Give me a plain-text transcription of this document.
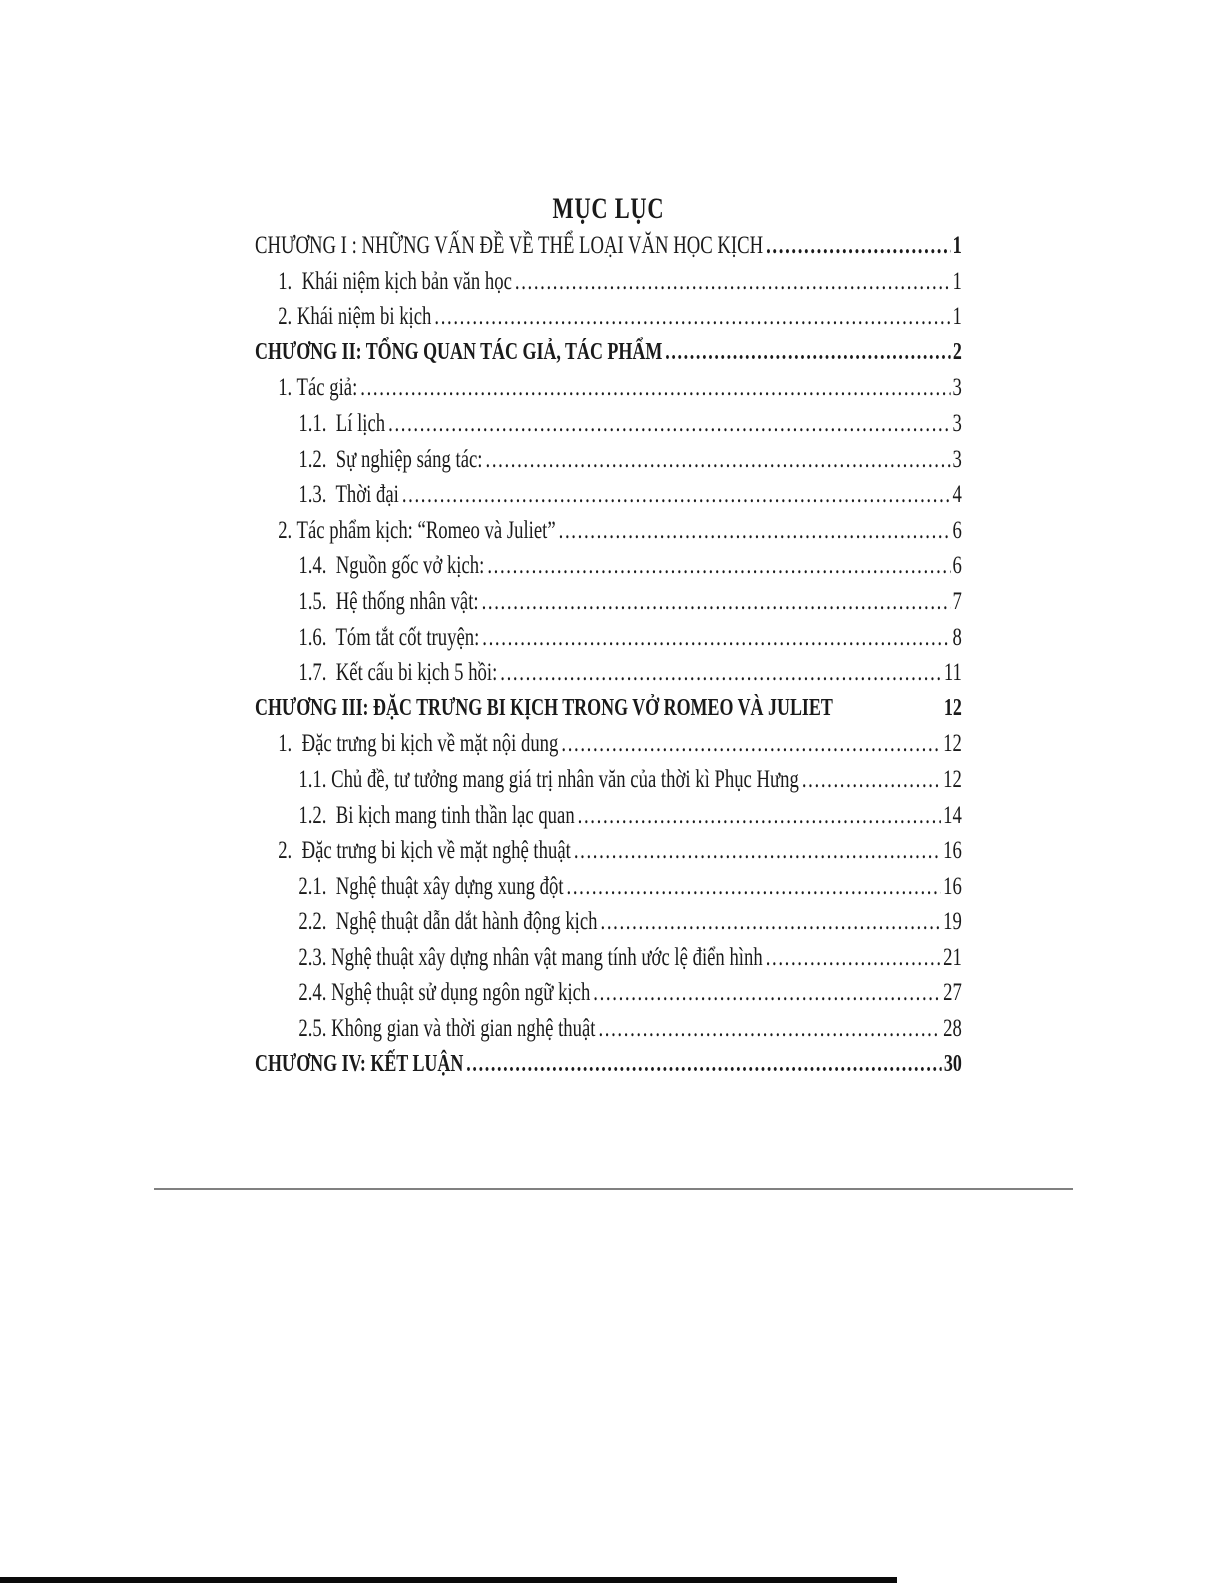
MỤC LỤC
CHƯƠNG I : NHỮNG VẤN ĐỀ VỀ THỂ LOẠI VĂN HỌC KỊCH .....	1
1.  Khái niệm kịch bản văn học .....	1
2. Khái niệm bi kịch .....	1
CHƯƠNG II: TỔNG QUAN TÁC GIẢ, TÁC PHẨM .....	2
1. Tác giả: .....	3
1.1.  Lí lịch .....	3
1.2.  Sự nghiệp sáng tác: .....	3
1.3.  Thời đại .....	4
2. Tác phẩm kịch: “Romeo và Juliet” .....	6
1.4.  Nguồn gốc vở kịch: .....	6
1.5.  Hệ thống nhân vật: .....	7
1.6.  Tóm tắt cốt truyện: .....	8
1.7.  Kết cấu bi kịch 5 hồi: .....	11
CHƯƠNG III: ĐẶC TRƯNG BI KỊCH TRONG VỞ ROMEO VÀ JULIET	12
1.  Đặc trưng bi kịch về mặt nội dung .....	12
1.1. Chủ đề, tư tưởng mang giá trị nhân văn của thời kì Phục Hưng .....	12
1.2.  Bi kịch mang tinh thần lạc quan .....	14
2.  Đặc trưng bi kịch về mặt nghệ thuật .....	16
2.1.  Nghệ thuật xây dựng xung đột .....	16
2.2.  Nghệ thuật dẫn dắt hành động kịch .....	19
2.3. Nghệ thuật xây dựng nhân vật mang tính ước lệ điển hình .....	21
2.4. Nghệ thuật sử dụng ngôn ngữ kịch .....	27
2.5. Không gian và thời gian nghệ thuật .....	28
CHƯƠNG IV: KẾT LUẬN .....	30
